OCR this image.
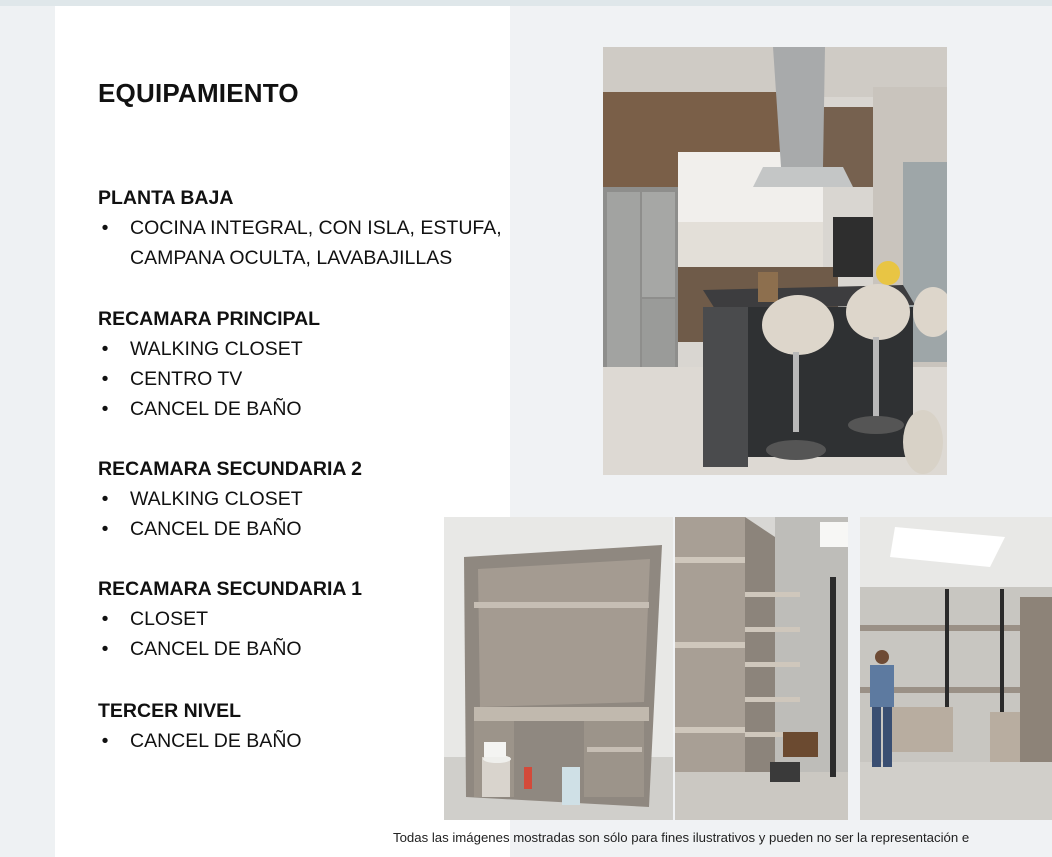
EQUIPAMIENTO
PLANTA BAJA
• COCINA INTEGRAL, CON ISLA, ESTUFA,
CAMPANA OCULTA, LAVABAJILLAS
RECAMARA PRINCIPAL
• WALKING CLOSET
• CENTRO TV
• CANCEL DE BAÑO
RECAMARA SECUNDARIA 2
• WALKING CLOSET
• CANCEL DE BAÑO
RECAMARA SECUNDARIA 1
• CLOSET
• CANCEL DE BAÑO
TERCER NIVEL
• CANCEL DE BAÑO
Todas las imágenes mostradas son sólo para fines ilustrativos y pueden no ser la representación e
